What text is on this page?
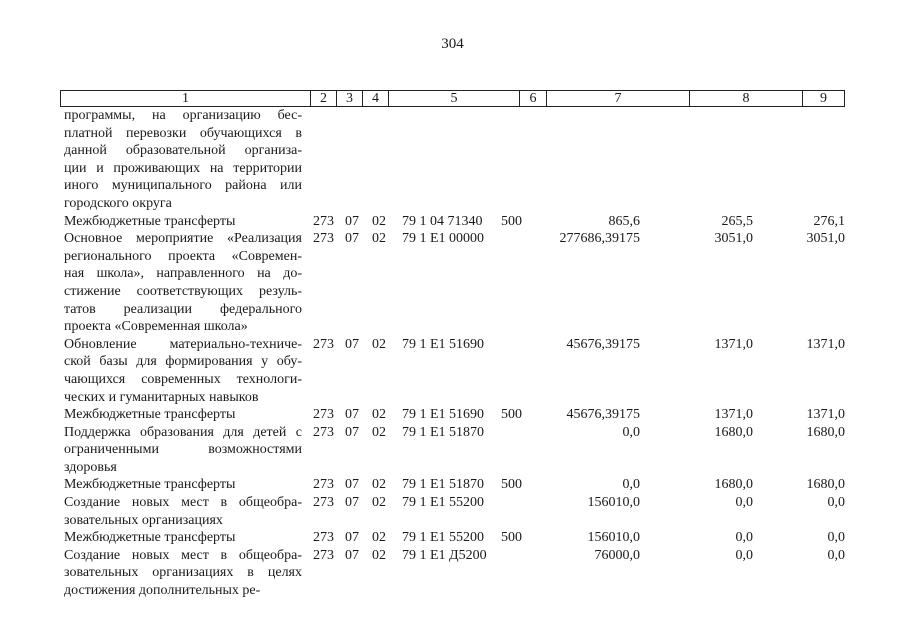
304
1	2	3	4	5	6	7	8	9
программы, на организацию бес-
платной перевозки обучающихся в
данной образовательной организа-
ции и проживающих на территории
иного муниципального района или
городского округа
Межбюджетные трансферты	273 07 02 79 1 04 71340 500	865,6	265,5	276,1
Основное мероприятие «Реализация
регионального проекта «Современ-
ная школа», направленного на до-
стижение соответствующих резуль-
татов реализации федерального
проекта «Современная школа»
273 07 02 79 1 Е1 00000	277686,39175	3051,0	3051,0
Обновление материально-техниче-
ской базы для формирования у обу-
чающихся современных технологи-
ческих и гуманитарных навыков
273 07 02 79 1 Е1 51690	45676,39175	1371,0	1371,0
Межбюджетные трансферты	273 07 02 79 1 Е1 51690 500	45676,39175	1371,0	1371,0
Поддержка образования для детей с
ограниченными возможностями
здоровья
273 07 02 79 1 Е1 51870	0,0	1680,0	1680,0
Межбюджетные трансферты	273 07 02 79 1 Е1 51870 500	0,0	1680,0	1680,0
Создание новых мест в общеобра-
зовательных организациях
273 07 02 79 1 Е1 55200	156010,0	0,0	0,0
Межбюджетные трансферты	273 07 02 79 1 Е1 55200 500	156010,0	0,0	0,0
Создание новых мест в общеобра-
зовательных организациях в целях
достижения дополнительных ре-
273 07 02 79 1 Е1 Д5200	76000,0	0,0	0,0
